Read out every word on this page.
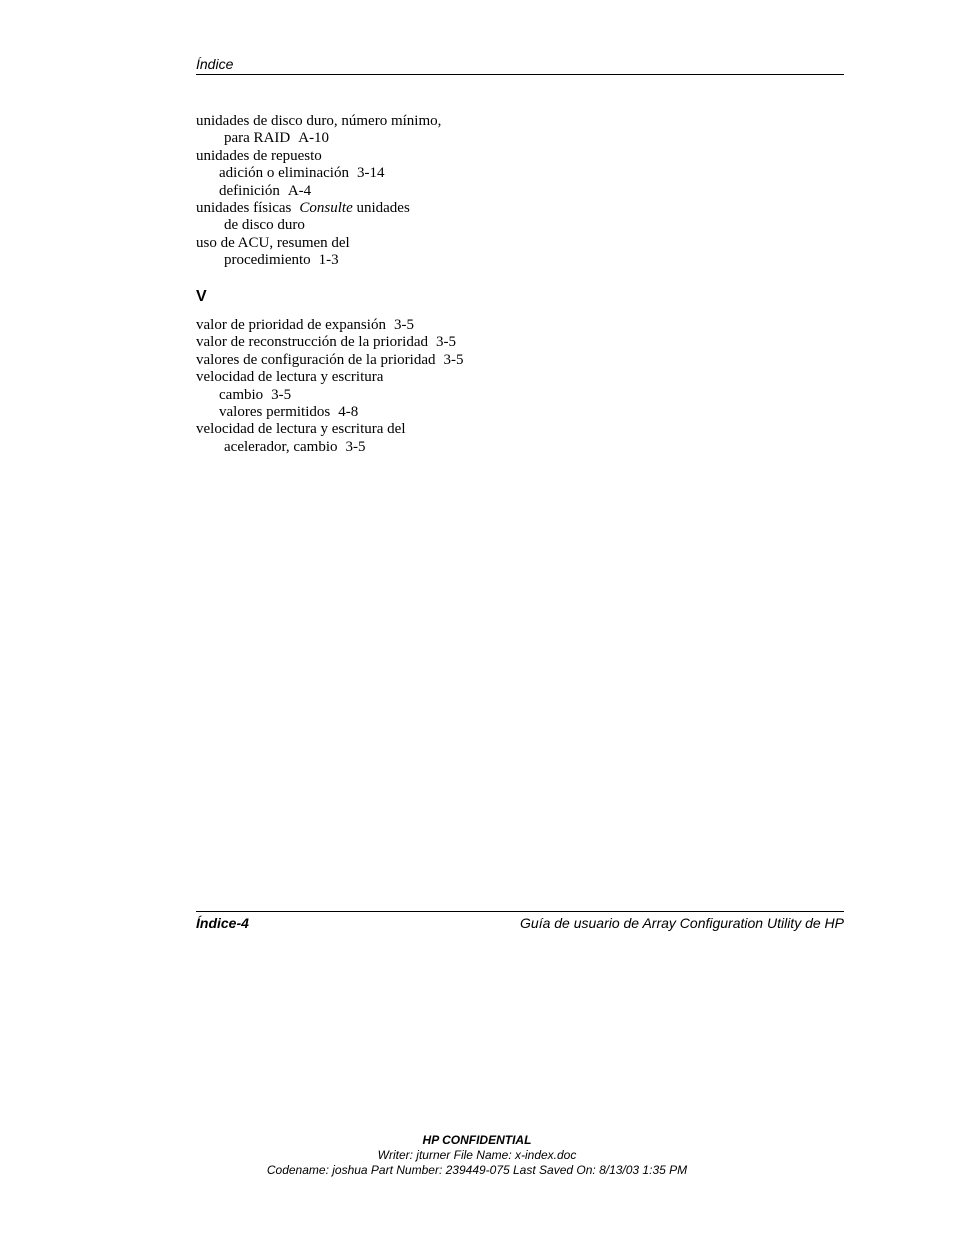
Índice
unidades de disco duro, número mínimo,
para RAID A-10
unidades de repuesto
adición o eliminación 3-14
definición A-4
unidades físicas Consulte unidades
de disco duro
uso de ACU, resumen del
procedimiento 1-3
V
valor de prioridad de expansión 3-5
valor de reconstrucción de la prioridad 3-5
valores de configuración de la prioridad 3-5
velocidad de lectura y escritura
cambio 3-5
valores permitidos 4-8
velocidad de lectura y escritura del
acelerador, cambio 3-5
Índice-4	Guía de usuario de Array Configuration Utility de HP
HP CONFIDENTIAL
Writer: jturner File Name: x-index.doc
Codename: joshua Part Number: 239449-075 Last Saved On: 8/13/03 1:35 PM
